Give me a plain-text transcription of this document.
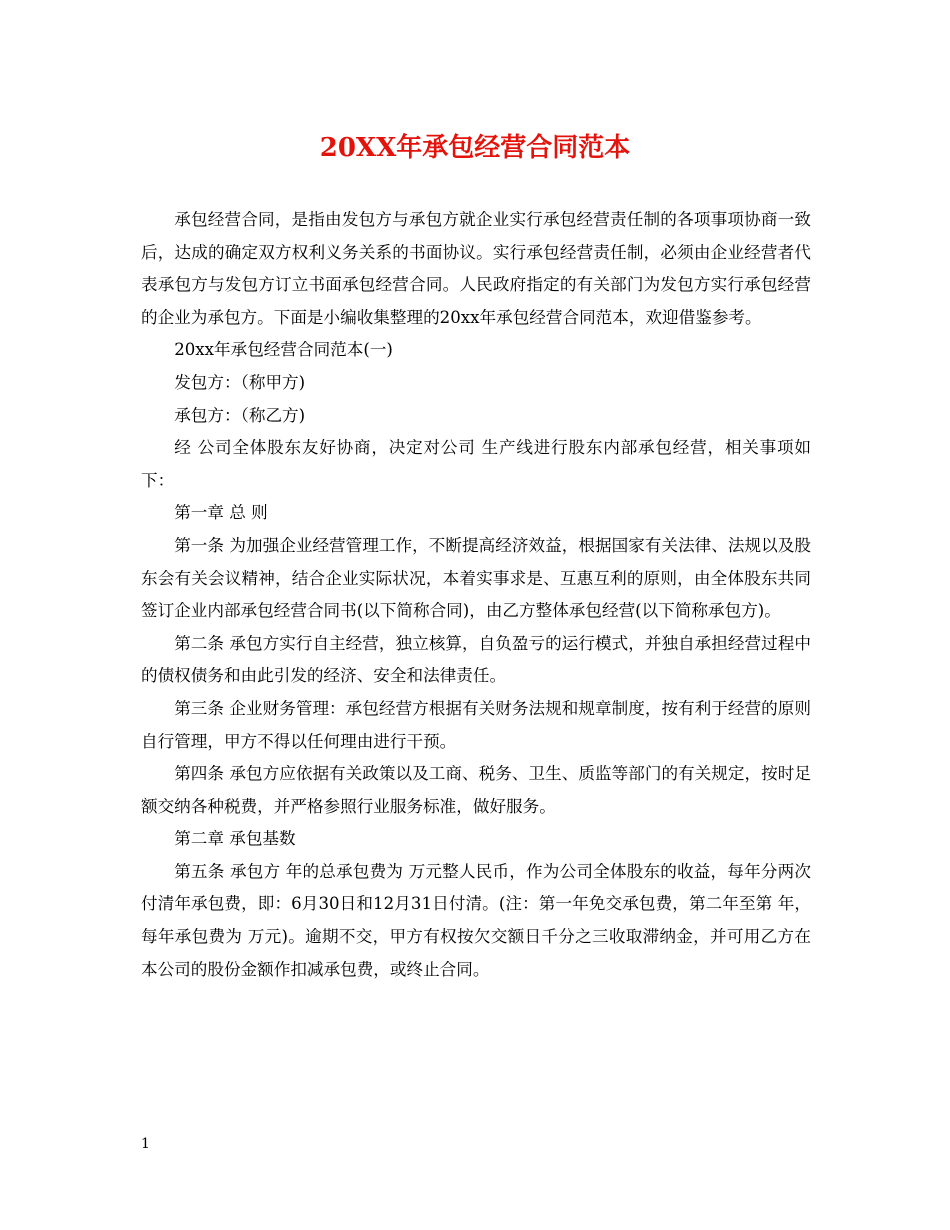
20XX年承包经营合同范本

承包经营合同，是指由发包方与承包方就企业实行承包经营责任制的各项事项协商一致后，达成的确定双方权利义务关系的书面协议。实行承包经营责任制，必须由企业经营者代表承包方与发包方订立书面承包经营合同。人民政府指定的有关部门为发包方实行承包经营的企业为承包方。下面是小编收集整理的20xx年承包经营合同范本，欢迎借鉴参考。

20xx年承包经营合同范本(一)

发包方：（称甲方)

承包方：（称乙方)

经 公司全体股东友好协商，决定对公司 生产线进行股东内部承包经营，相关事项如下：

第一章 总 则

第一条 为加强企业经营管理工作，不断提高经济效益，根据国家有关法律、法规以及股东会有关会议精神，结合企业实际状况，本着实事求是、互惠互利的原则，由全体股东共同签订企业内部承包经营合同书(以下简称合同)，由乙方整体承包经营(以下简称承包方)。

第二条 承包方实行自主经营，独立核算，自负盈亏的运行模式，并独自承担经营过程中的债权债务和由此引发的经济、安全和法律责任。

第三条 企业财务管理：承包经营方根据有关财务法规和规章制度，按有利于经营的原则自行管理，甲方不得以任何理由进行干预。

第四条 承包方应依据有关政策以及工商、税务、卫生、质监等部门的有关规定，按时足额交纳各种税费，并严格参照行业服务标准，做好服务。

第二章 承包基数

第五条 承包方 年的总承包费为 万元整人民币，作为公司全体股东的收益，每年分两次付清年承包费，即：6月30日和12月31日付清。(注：第一年免交承包费，第二年至第 年，每年承包费为 万元)。逾期不交，甲方有权按欠交额日千分之三收取滞纳金，并可用乙方在本公司的股份金额作扣减承包费，或终止合同。

1
